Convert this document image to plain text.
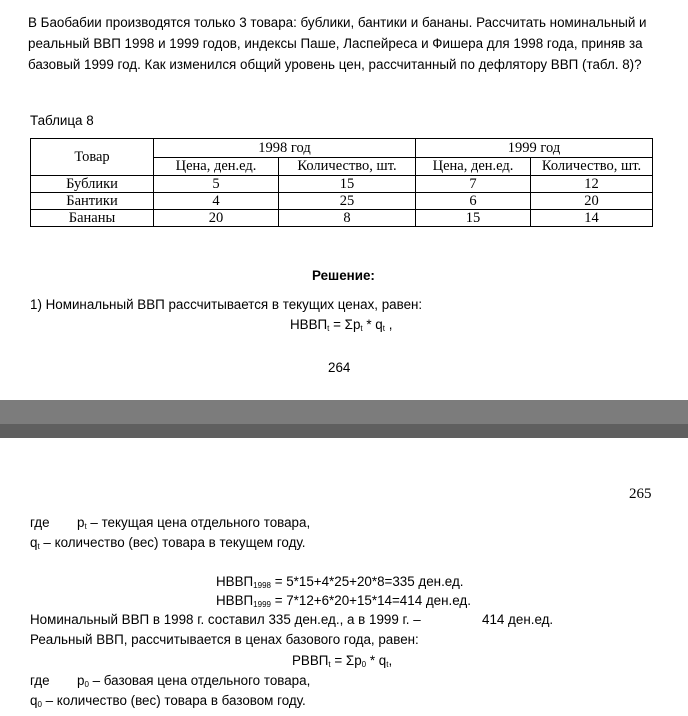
В Баобабии производятся только 3 товара: бублики, бантики и бананы. Рассчитать номинальный и
реальный ВВП 1998 и 1999 годов, индексы Паше, Ласпейреса и Фишера для 1998 года, приняв за
базовый 1999 год. Как изменился общий уровень цен, рассчитанный по дефлятору ВВП (табл. 8)?
Таблица 8
Товар	1998 год		1999 год	
	Цена, ден.ед.	Количество, шт.	Цена, ден.ед.	Количество, шт.
Бублики	5	15	7	12
Бантики	4	25	6	20
Бананы	20	8	15	14
Решение:
1) Номинальный ВВП рассчитывается в текущих ценах, равен:
$НВВП_t = \Sigma p_t * q_t$ ,
264
265
где $p_t$ – текущая цена отдельного товара,
$q_t$ – количество (вес) товара в текущем году.
$НВВП_{1998} = 5*15+4*25+20*8=335$ ден.ед.
$НВВП_{1999} = 7*12+6*20+15*14=414$ ден.ед.
Номинальный ВВП в 1998 г. составил 335 ден.ед., а в 1999 г. –	414 ден.ед.
Реальный ВВП, рассчитывается в ценах базового года, равен:
$РВВП_t = \Sigma p_0 * q_t$,
где $p_0$ – базовая цена отдельного товара,
$q_0$ – количество (вес) товара в базовом году.
